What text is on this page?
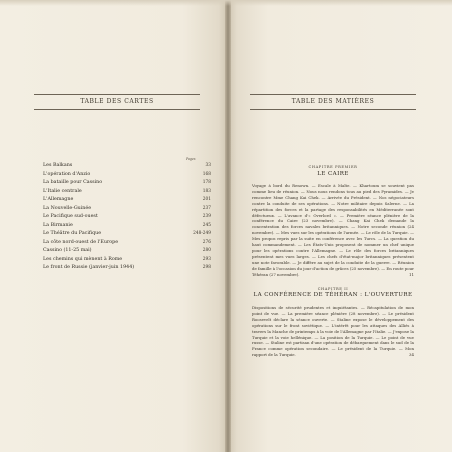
TABLE DES CARTES
Pages
Les Balkans	33
L'opération d'Anzio	168
La bataille pour Cassino	178
L'Italie centrale	183
L'Allemagne	201
La Nouvelle-Guinée	237
Le Pacifique sud-ouest	239
La Birmanie	245
Le Théâtre du Pacifique	248-249
La côte nord-ouest de l'Europe	276
Cassino (11-25 mai)	280
Les chemins qui mènent à Rome	293
Le front de Russie (janvier-juin 1944)	298
TABLE DES MATIÈRES
CHAPITRE PREMIER
LE CAIRE
Voyage à bord du Renown. — Escale à Malte. — Khartoum se souvient pas comme lieu de réunion. — Nous nous rendons tous au pied des Pyramides. — Je rencontre Mme Chang Kai Chek. — Arrivée du Président. — Nos négociateurs contre la conduite de ses opérations. — Notre militaire depuis Salerne. — La répartition des forces et la partage des responsabilités en Méditerranée sont défectueux. — L'avance d'« Overlord ». — Première séance plénière de la conférence du Caire (23 novembre). — Chang Kai Chek demande la concentration des forces navales britanniques. — Notre seconde réunion (24 novembre). — Mes vues sur les opérations de l'armée. — Le rôle de la Turquie. — Mes propos repris par la suite en conférence avec les Turcs. — La question du haut commandement. — Les États-Unis proposent de nommer un chef unique pour les opérations contre l'Allemagne. — Le rôle des forces britanniques présentent mes vues larges. — Les chefs d'état-major britanniques présentent une note favorable. — Je diffère au sujet de la conduite de la guerre. — Réunion de famille à l'occasion du jour d'action de grâces (25 novembre). — En route pour Téhéran (27 novembre).	11
CHAPITRE II
LA CONFÉRENCE DE TÉHÉRAN : L'OUVERTURE
Dispositions de sécurité prudentes et inquiétantes. — Récapitulation de mon point de vue. — La première séance plénière (28 novembre). — Le président Roosevelt déclare la séance ouverte. — Staline expose le développement des opérations sur le front soviétique. — L'intérêt pour les attaques des Alliés à travers la Manche de printemps à la voie de l'Allemagne par l'Italie. — J'expose la Turquie et la voie hellénique. — La position de la Turquie. — Le point de vue russe. — Staline est partisan d'une opération de débarquement dans le sud de la France comme opération secondaire. — Le président de la Turquie. — Mon rapport de la Turquie.	34
